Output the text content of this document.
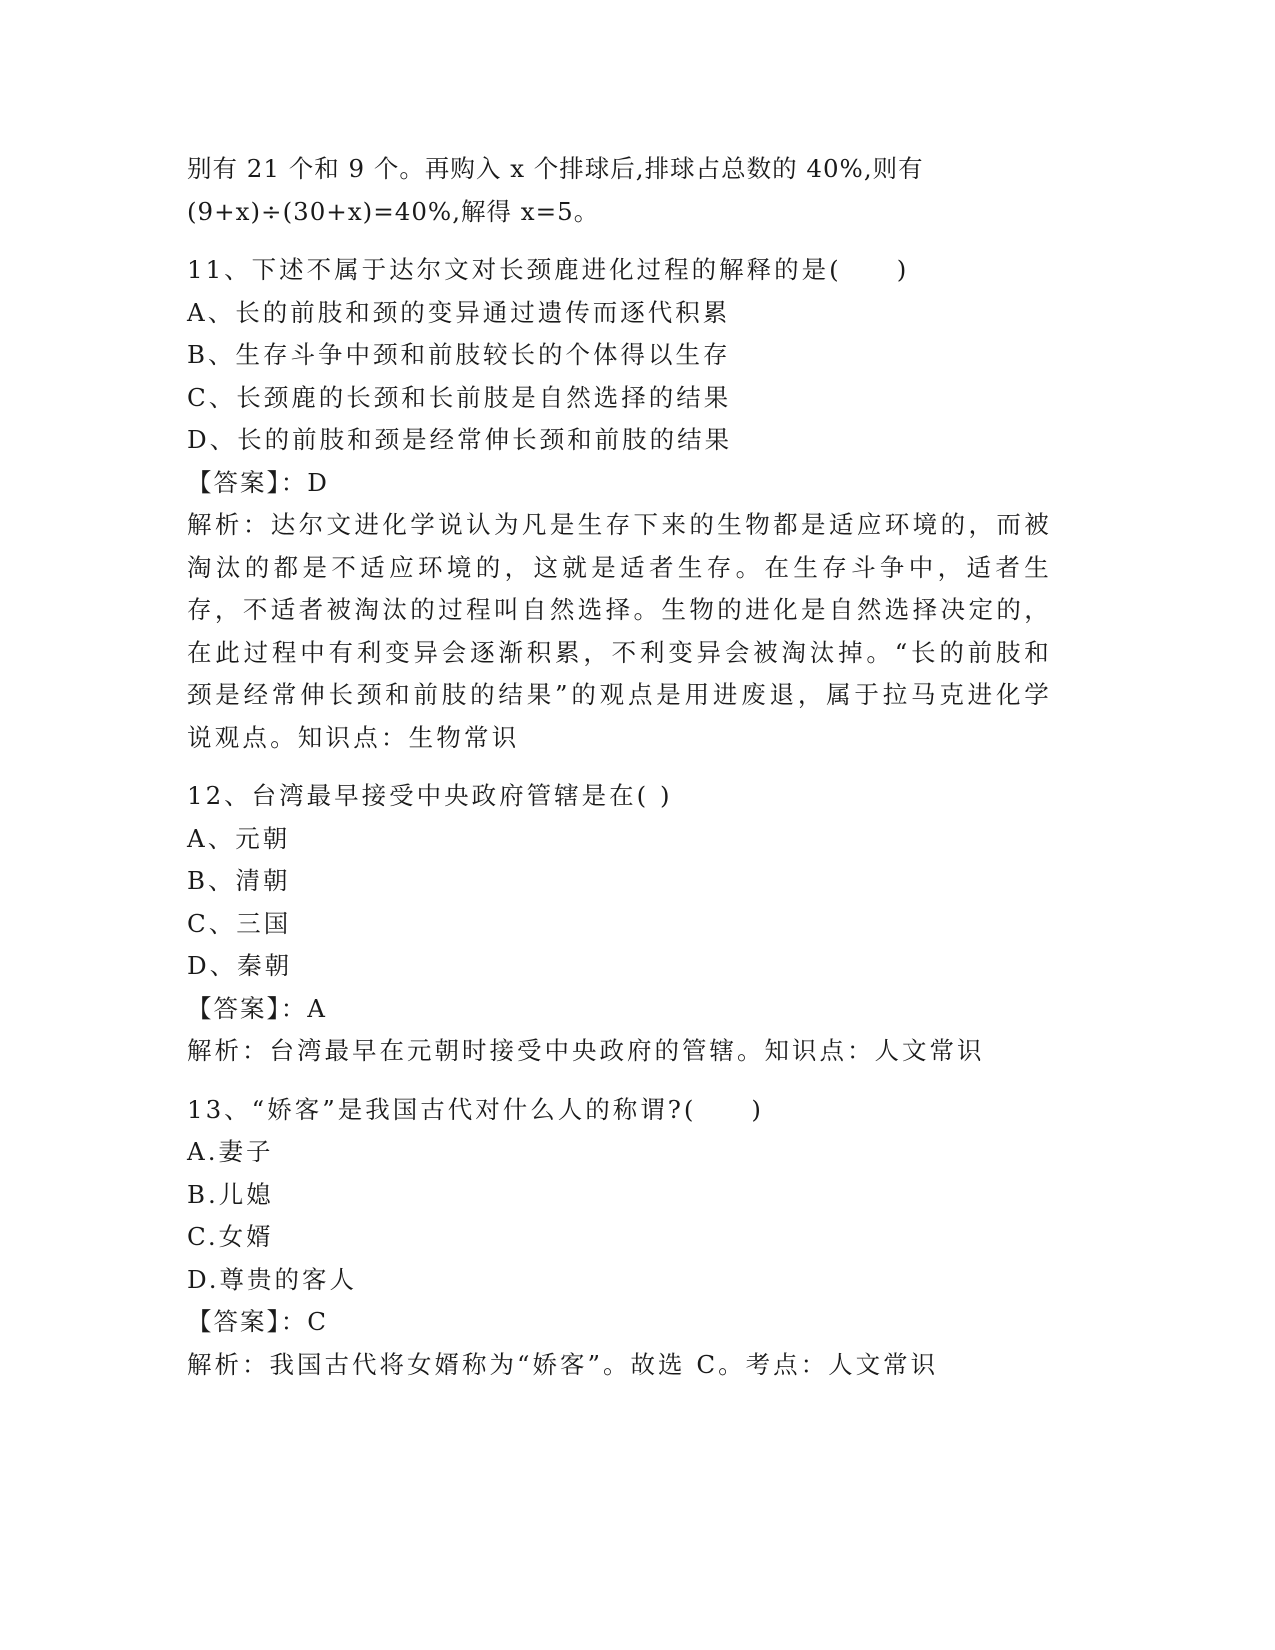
别有 21 个和 9 个。再购入 x 个排球后,排球占总数的 40%,则有
(9+x)÷(30+x)=40%,解得 x=5。
11、下述不属于达尔文对长颈鹿进化过程的解释的是(　　)
A、长的前肢和颈的变异通过遗传而逐代积累
B、生存斗争中颈和前肢较长的个体得以生存
C、长颈鹿的长颈和长前肢是自然选择的结果
D、长的前肢和颈是经常伸长颈和前肢的结果
【答案】：D
解析：达尔文进化学说认为凡是生存下来的生物都是适应环境的，而被淘汰的都是不适应环境的，这就是适者生存。在生存斗争中，适者生存，不适者被淘汰的过程叫自然选择。生物的进化是自然选择决定的，在此过程中有利变异会逐渐积累，不利变异会被淘汰掉。“长的前肢和颈是经常伸长颈和前肢的结果”的观点是用进废退，属于拉马克进化学说观点。知识点：生物常识
12、台湾最早接受中央政府管辖是在( )
A、元朝
B、清朝
C、三国
D、秦朝
【答案】：A
解析：台湾最早在元朝时接受中央政府的管辖。知识点：人文常识
13、“娇客”是我国古代对什么人的称谓?(　　)
A.妻子
B.儿媳
C.女婿
D.尊贵的客人
【答案】：C
解析：我国古代将女婿称为“娇客”。故选 C。考点：人文常识
